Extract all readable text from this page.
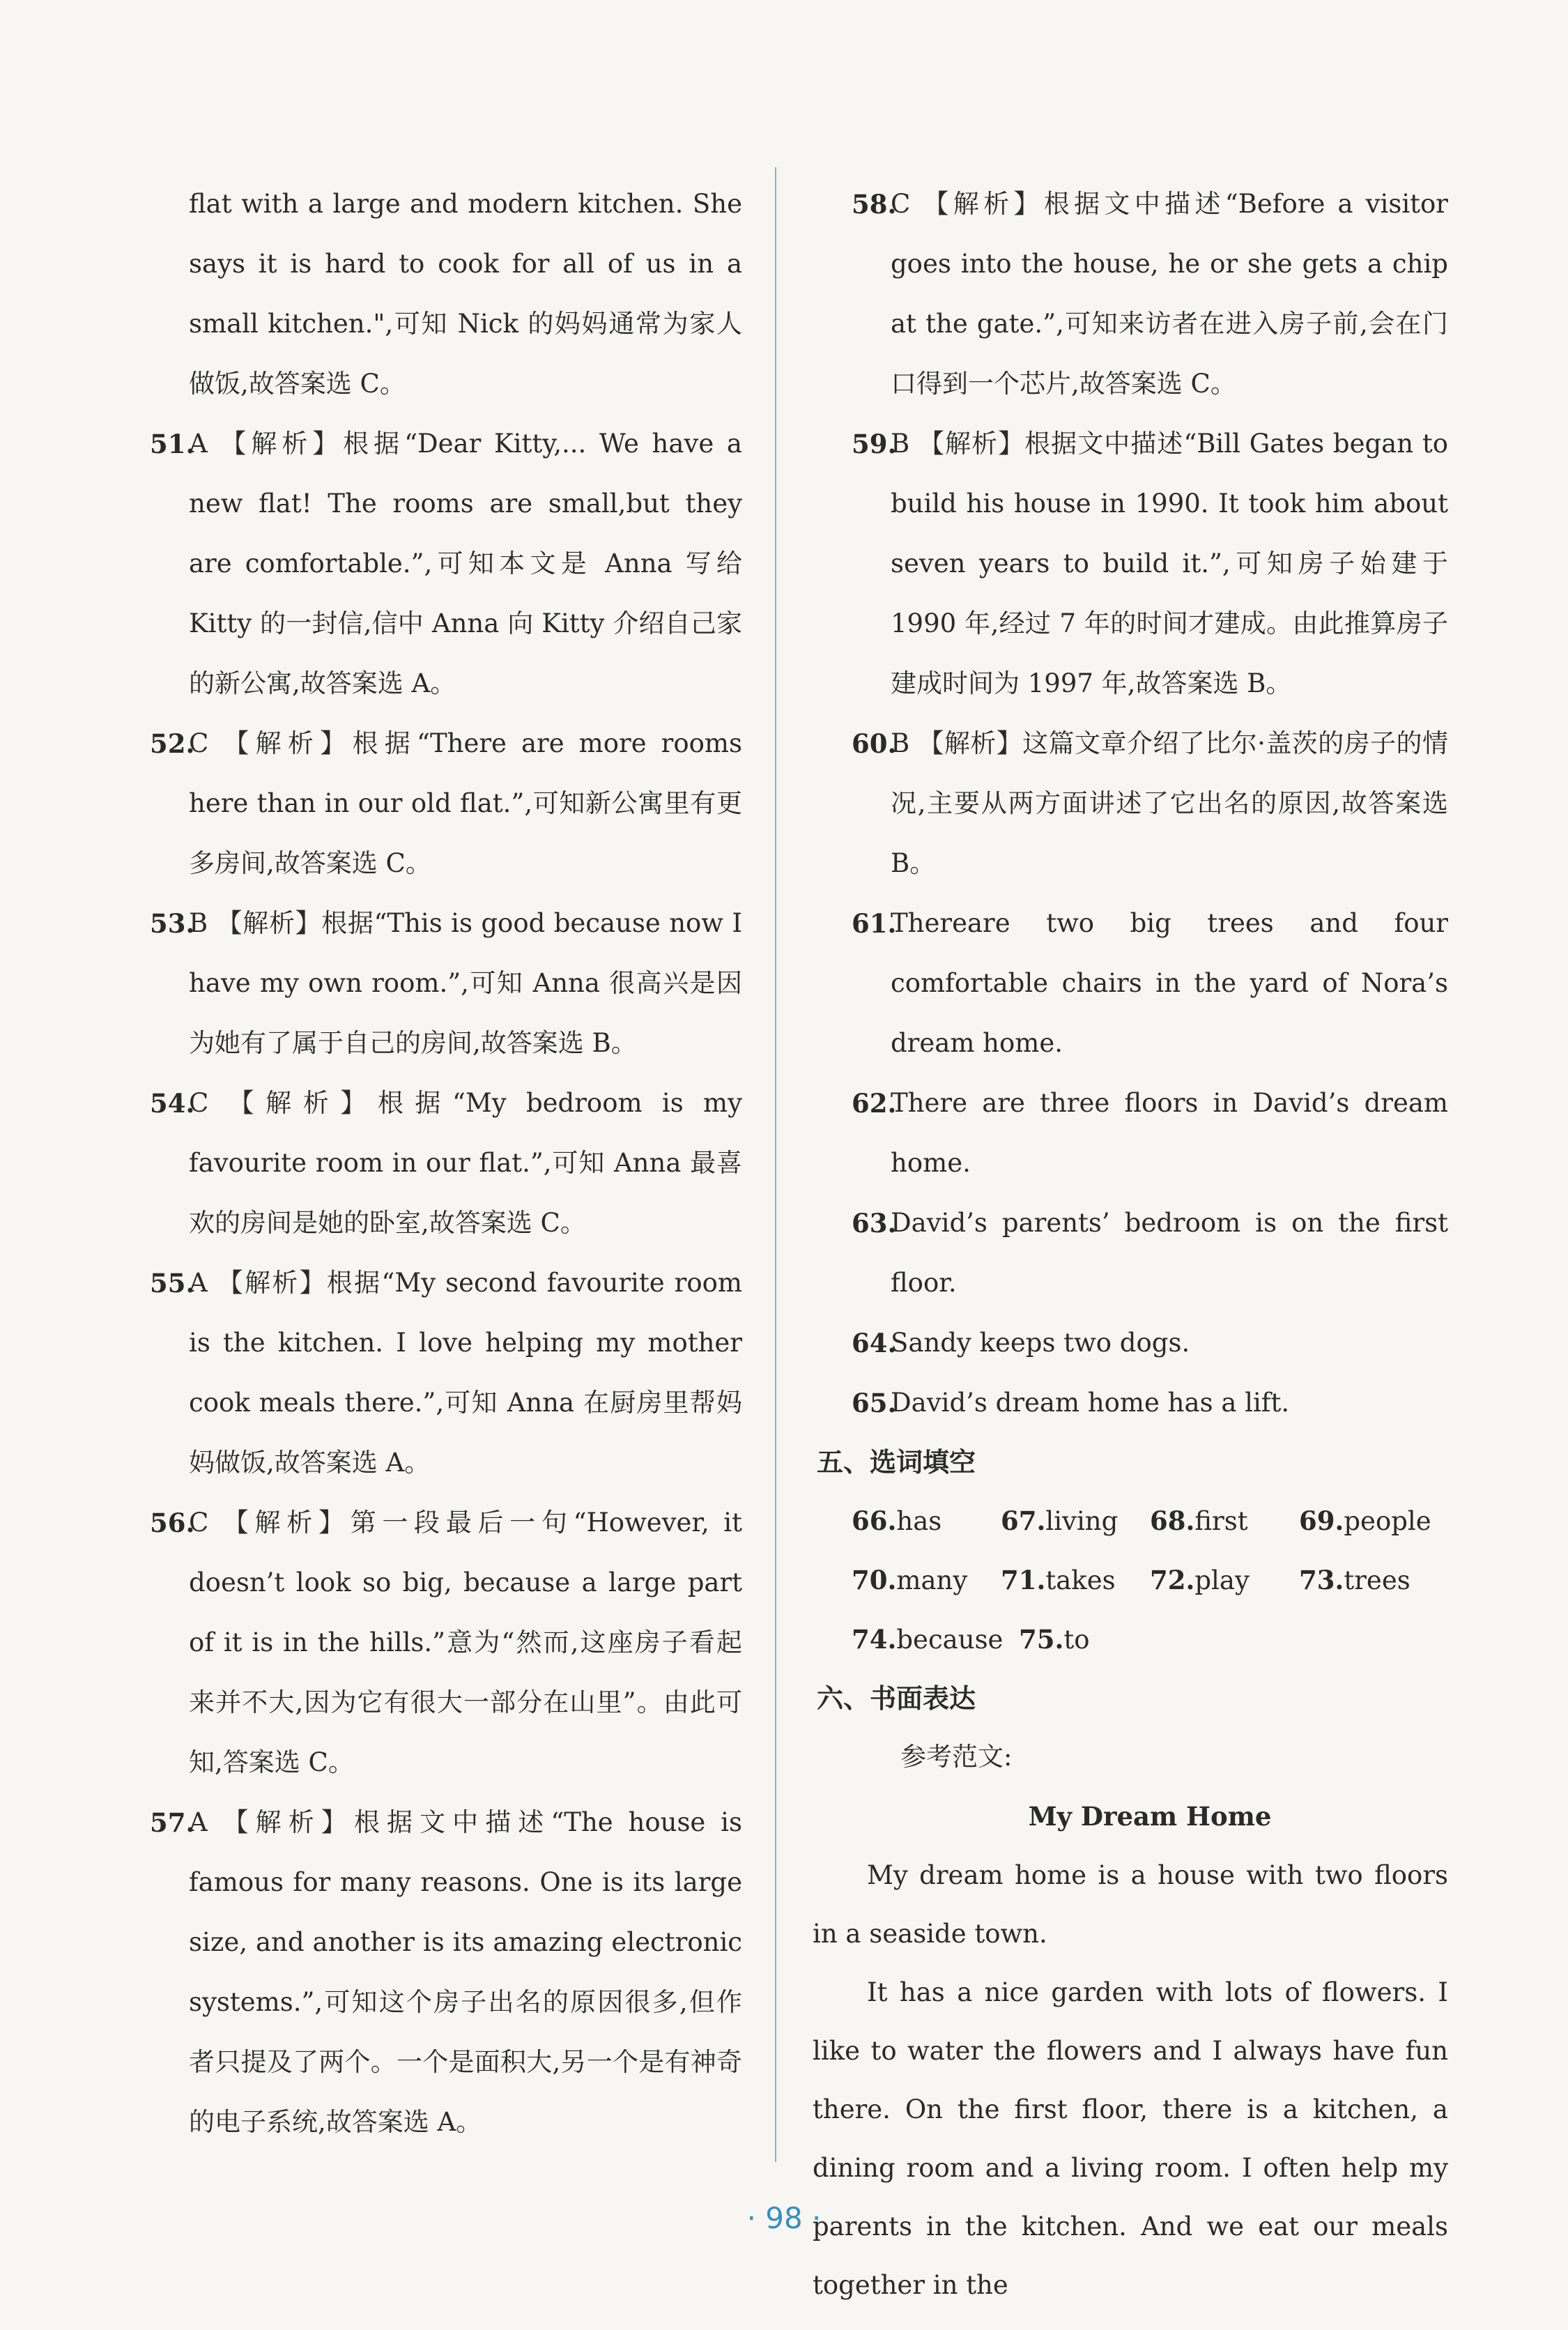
flat with a large and modern kitchen. She says it is hard to cook for all of us in a small kitchen.",可知 Nick 的妈妈通常为家人做饭,故答案选 C。
51.
A 【解析】根据“Dear Kitty,... We have a new flat! The rooms are small,but they are comfortable.”,可知本文是 Anna 写给 Kitty 的一封信,信中 Anna 向 Kitty 介绍自己家的新公寓,故答案选 A。
52.
C 【解析】根据“There are more rooms here than in our old flat.”,可知新公寓里有更多房间,故答案选 C。
53.
B 【解析】根据“This is good because now I have my own room.”,可知 Anna 很高兴是因为她有了属于自己的房间,故答案选 B。
54.
C 【解析】根据“My bedroom is my favourite room in our flat.”,可知 Anna 最喜欢的房间是她的卧室,故答案选 C。
55.
A 【解析】根据“My second favourite room is the kitchen. I love helping my mother cook meals there.”,可知 Anna 在厨房里帮妈妈做饭,故答案选 A。
56.
C 【解析】第一段最后一句“However, it doesn’t look so big, because a large part of it is in the hills.”意为“然而,这座房子看起来并不大,因为它有很大一部分在山里”。由此可知,答案选 C。
57.
A 【解析】根据文中描述“The house is famous for many reasons. One is its large size, and another is its amazing electronic systems.”,可知这个房子出名的原因很多,但作者只提及了两个。一个是面积大,另一个是有神奇的电子系统,故答案选 A。
58.
C 【解析】根据文中描述“Before a visitor goes into the house, he or she gets a chip at the gate.”,可知来访者在进入房子前,会在门口得到一个芯片,故答案选 C。
59.
B 【解析】根据文中描述“Bill Gates began to build his house in 1990. It took him about seven years to build it.”,可知房子始建于 1990 年,经过 7 年的时间才建成。由此推算房子建成时间为 1997 年,故答案选 B。
60.
B 【解析】这篇文章介绍了比尔·盖茨的房子的情况,主要从两方面讲述了它出名的原因,故答案选 B。
61.
Thereare two big trees and four comfortable chairs in the yard of Nora’s dream home.
62.
There are three floors in David’s dream home.
63.
David’s parents’ bedroom is on the first floor.
64.
Sandy keeps two dogs.
65.
David’s dream home has a lift.
五、选词填空
66.has	67.living	68.first	69.people
70.many	71.takes	72.play	73.trees
74.because 75.to
六、书面表达
参考范文:
My Dream Home
My dream home is a house with two floors in a seaside town.
It has a nice garden with lots of flowers. I like to water the flowers and I always have fun there. On the first floor, there is a kitchen, a dining room and a living room. I often help my parents in the kitchen. And we eat our meals together in the
· 98 ·
